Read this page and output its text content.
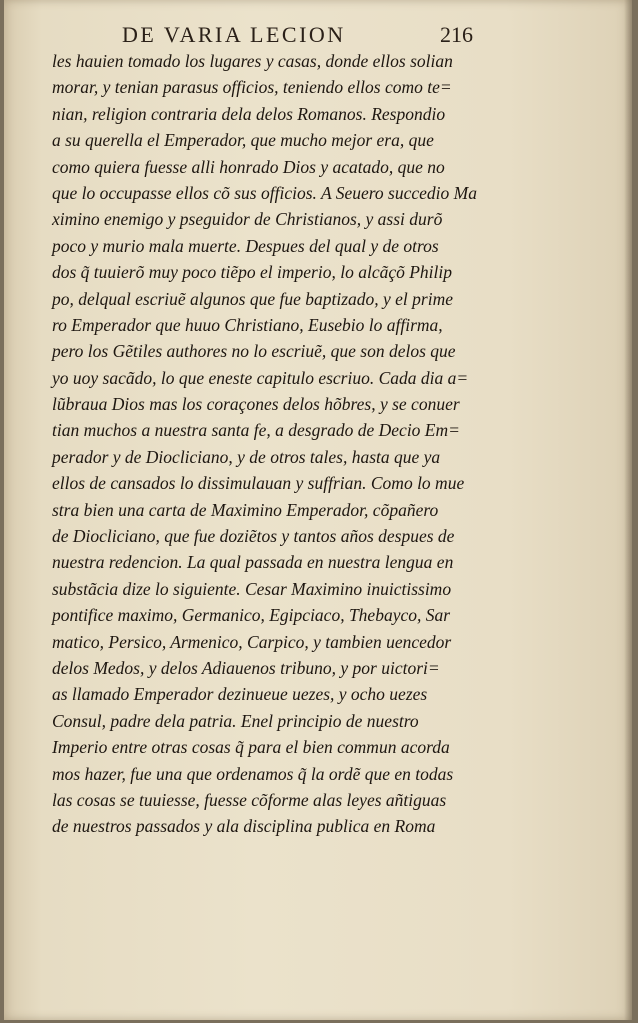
DE VARIA LECION	216
les hauien tomado los lugares y casas, donde ellos solian
morar, y tenian parasus officios, teniendo ellos como te=
nian, religion contraria dela delos Romanos. Respondio
a su querella el Emperador, que mucho mejor era, que
como quiera fuesse alli honrado Dios y acatado, que no
que lo occupasse ellos cõ sus officios. A Seuero succedio Ma
ximino enemigo y pseguidor de Christianos, y assi durõ
poco y murio mala muerte. Despues del qual y de otros
dos q̃ tuuierõ muy poco tiẽpo el imperio, lo alcãçõ Philip
po, delqual escriuẽ algunos que fue baptizado, y el prime
ro Emperador que huuo Christiano, Eusebio lo affirma,
pero los Gẽtiles authores no lo escriuẽ, que son delos que
yo uoy sacãdo, lo que eneste capitulo escriuo. Cada dia a=
lũbraua Dios mas los coraçones delos hõbres, y se conuer
tian muchos a nuestra santa fe, a desgrado de Decio Em=
perador y de Diocliciano, y de otros tales, hasta que ya
ellos de cansados lo dissimulauan y suffrian. Como lo mue
stra bien una carta de Maximino Emperador, cõpañero
de Diocliciano, que fue doziẽtos y tantos años despues de
nuestra redencion. La qual passada en nuestra lengua en
substãcia dize lo siguiente. Cesar Maximino inuictissimo
pontifice maximo, Germanico, Egipciaco, Thebayco, Sar
matico, Persico, Armenico, Carpico, y tambien uencedor
delos Medos, y delos Adiauenos tribuno, y por uictori=
as llamado Emperador dezinueue uezes, y ocho uezes
Consul, padre dela patria. Enel principio de nuestro
Imperio entre otras cosas q̃ para el bien commun acorda
mos hazer, fue una que ordenamos q̃ la ordẽ que en todas
las cosas se tuuiesse, fuesse cõforme alas leyes añtiguas
de nuestros passados y ala disciplina publica en Roma
